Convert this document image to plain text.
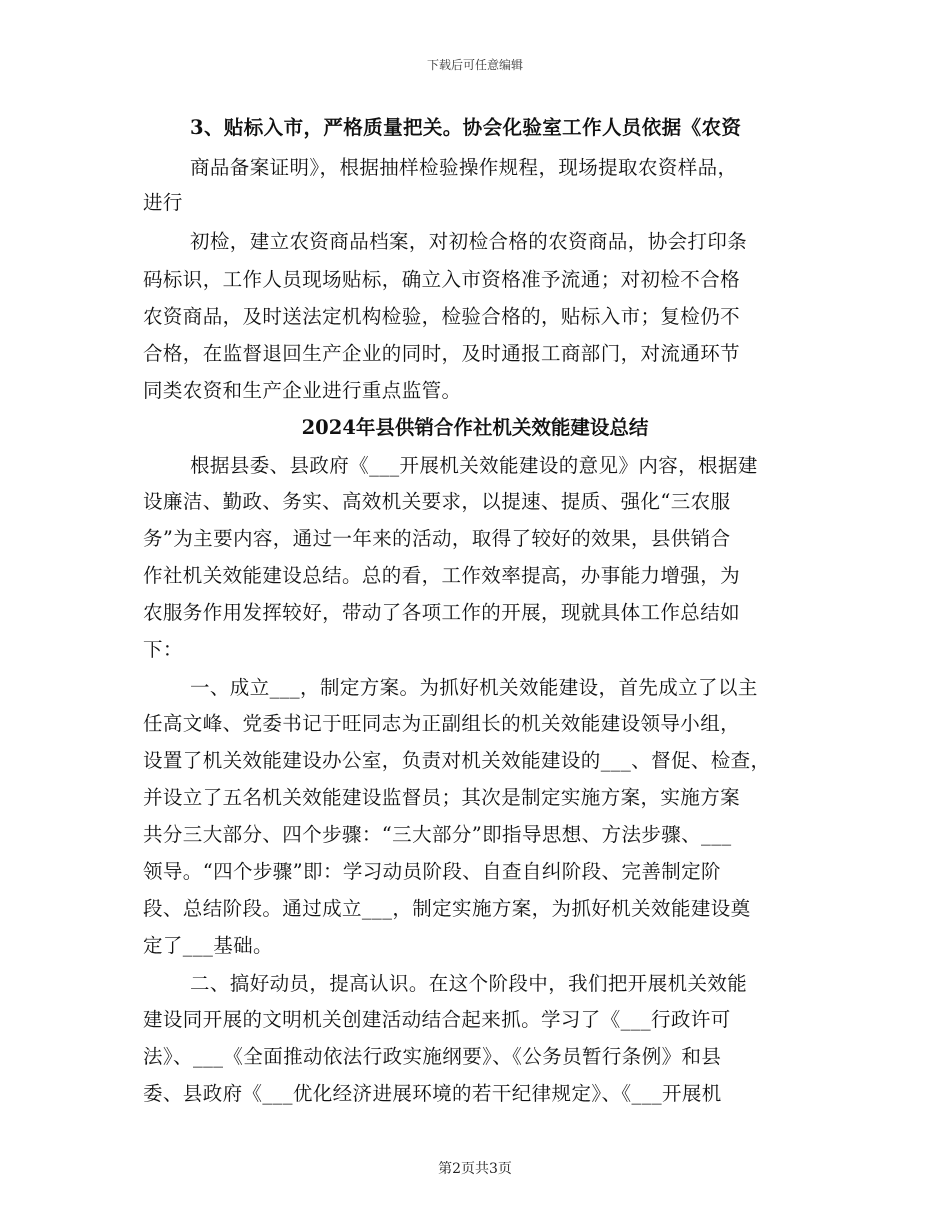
下载后可任意编辑
3、贴标入市，严格质量把关。协会化验室工作人员依据《农资
商品备案证明》，根据抽样检验操作规程，现场提取农资样品，
进行
初检，建立农资商品档案，对初检合格的农资商品，协会打印条
码标识，工作人员现场贴标，确立入市资格准予流通；对初检不合格
农资商品，及时送法定机构检验，检验合格的，贴标入市；复检仍不
合格，在监督退回生产企业的同时，及时通报工商部门，对流通环节
同类农资和生产企业进行重点监管。
2024年县供销合作社机关效能建设总结
根据县委、县政府《___开展机关效能建设的意见》内容，根据建
设廉洁、勤政、务实、高效机关要求，以提速、提质、强化“三农服
务”为主要内容，通过一年来的活动，取得了较好的效果，县供销合
作社机关效能建设总结。总的看，工作效率提高，办事能力增强，为
农服务作用发挥较好，带动了各项工作的开展，现就具体工作总结如
下：
一、成立___，制定方案。为抓好机关效能建设，首先成立了以主
任高文峰、党委书记于旺同志为正副组长的机关效能建设领导小组，
设置了机关效能建设办公室，负责对机关效能建设的___、督促、检查，
并设立了五名机关效能建设监督员；其次是制定实施方案，实施方案
共分三大部分、四个步骤：“三大部分”即指导思想、方法步骤、___
领导。“四个步骤”即：学习动员阶段、自查自纠阶段、完善制定阶
段、总结阶段。通过成立___，制定实施方案，为抓好机关效能建设奠
定了___基础。
二、搞好动员，提高认识。在这个阶段中，我们把开展机关效能
建设同开展的文明机关创建活动结合起来抓。学习了《___行政许可
法》、___《全面推动依法行政实施纲要》、《公务员暂行条例》和县
委、县政府《___优化经济进展环境的若干纪律规定》、《___开展机
第2页共3页
